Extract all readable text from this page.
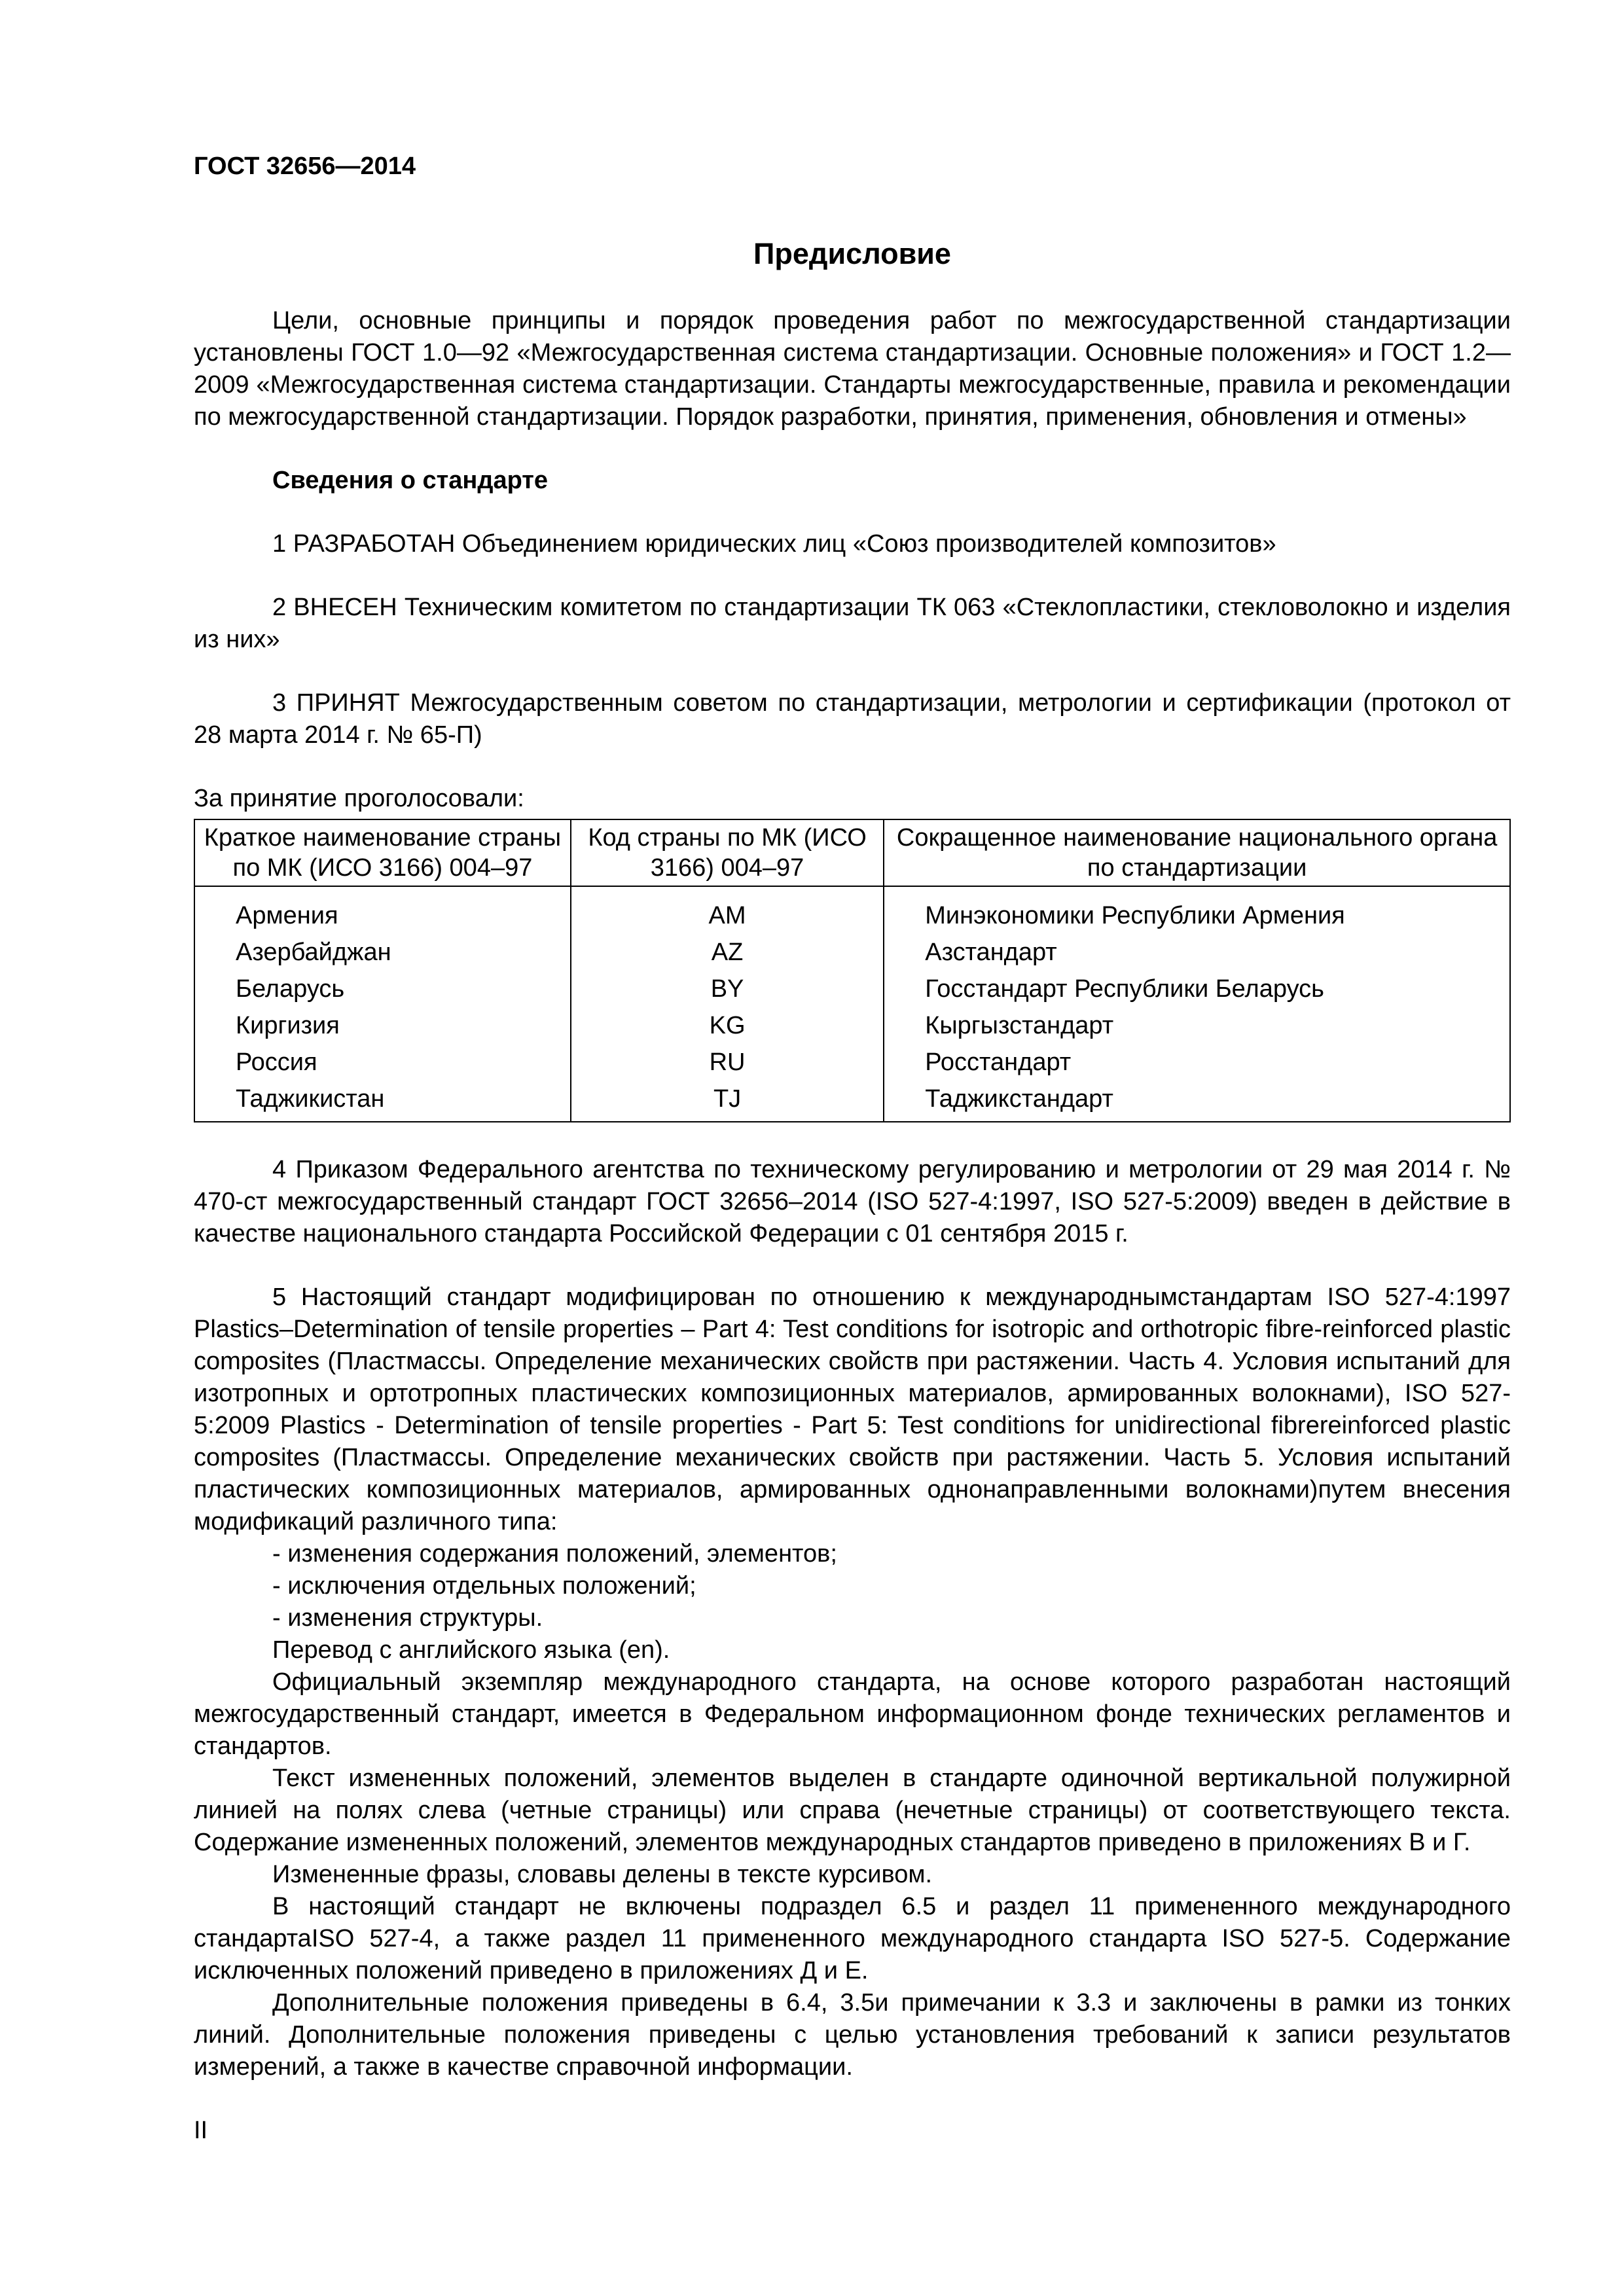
ГОСТ 32656—2014

Предисловие

Цели, основные принципы и порядок проведения работ по межгосударственной стандартизации установлены ГОСТ 1.0—92 «Межгосударственная система стандартизации. Основные положения» и ГОСТ 1.2—2009 «Межгосударственная система стандартизации. Стандарты межгосударственные, правила и рекомендации по межгосударственной стандартизации. Порядок разработки, принятия, применения, обновления и отмены»

Сведения о стандарте

1 РАЗРАБОТАН Объединением юридических лиц «Союз производителей композитов»

2 ВНЕСЕН Техническим комитетом по стандартизации ТК 063 «Стеклопластики, стекловолокно и изделия из них»

3 ПРИНЯТ Межгосударственным советом по стандартизации, метрологии и сертификации (протокол от 28 марта 2014 г. № 65-П)

За принятие проголосовали:

Краткое наименование страны по МК (ИСО 3166) 004–97	Код страны по МК (ИСО 3166) 004–97	Сокращенное наименование национального органа по стандартизации
Армения	AM	Минэкономики Республики Армения
Азербайджан	AZ	Азстандарт
Беларусь	BY	Госстандарт Республики Беларусь
Киргизия	KG	Кыргызстандарт
Россия	RU	Росстандарт
Таджикистан	TJ	Таджикстандарт

4 Приказом Федерального агентства по техническому регулированию и метрологии от 29 мая 2014 г. № 470-ст межгосударственный стандарт ГОСТ 32656–2014 (ISO 527-4:1997, ISO 527-5:2009) введен в действие в качестве национального стандарта Российской Федерации с 01 сентября 2015 г.

5 Настоящий стандарт модифицирован по отношению к международнымстандартам ISO 527-4:1997 Plastics–Determination of tensile properties – Part 4: Test conditions for isotropic and orthotropic fibre-reinforced plastic composites (Пластмассы. Определение механических свойств при растяжении. Часть 4. Условия испытаний для изотропных и ортотропных пластических композиционных материалов, армированных волокнами), ISO 527-5:2009 Plastics - Determination of tensile properties - Part 5: Test conditions for unidirectional fibrereinforced plastic composites (Пластмассы. Определение механических свойств при растяжении. Часть 5. Условия испытаний пластических композиционных материалов, армированных однонаправленными волокнами)путем внесения модификаций различного типа:

- изменения содержания положений, элементов;

- исключения отдельных положений;

- изменения структуры.

Перевод с английского языка (en).

Официальный экземпляр международного стандарта, на основе которого разработан настоящий межгосударственный стандарт, имеется в Федеральном информационном фонде технических регламентов и стандартов.

Текст измененных положений, элементов выделен в стандарте одиночной вертикальной полужирной линией на полях слева (четные страницы) или справа (нечетные страницы) от соответствующего текста. Содержание измененных положений, элементов международных стандартов приведено в приложениях В и Г.

Измененные фразы, словавы делены в тексте курсивом.

В настоящий стандарт не включены подраздел 6.5 и раздел 11 примененного международного стандартаISO 527-4, а также раздел 11 примененного международного стандарта ISO 527-5. Содержание исключенных положений приведено в приложениях Д и Е.

Дополнительные положения приведены в 6.4, 3.5и примечании к 3.3 и заключены в рамки из тонких линий. Дополнительные положения приведены с целью установления требований к записи результатов измерений, а также в качестве справочной информации.

II
